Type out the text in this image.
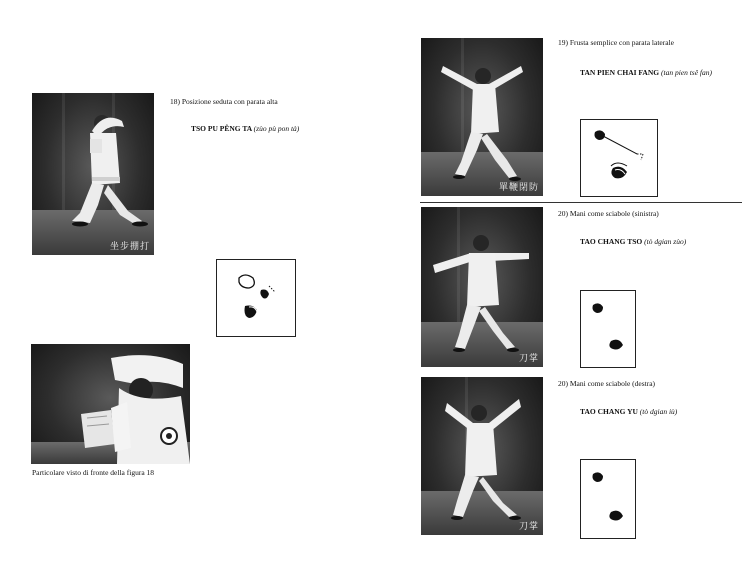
坐步掤打
18) Posizione seduta con parata alta
TSO PU PÊNG TA (zùo pù pon tà)
Particolare visto di fronte della figura 18
單鞭閉防
19) Frusta semplice con parata laterale
TAN PIEN CHAI FANG (tan pien tsê fan)
刀掌
20) Mani come sciabole (sinistra)
TAO CHANG TSO (tò dgian zùo)
刀掌
20) Mani come sciabole (destra)
TAO CHANG YU (tò dgian iù)
